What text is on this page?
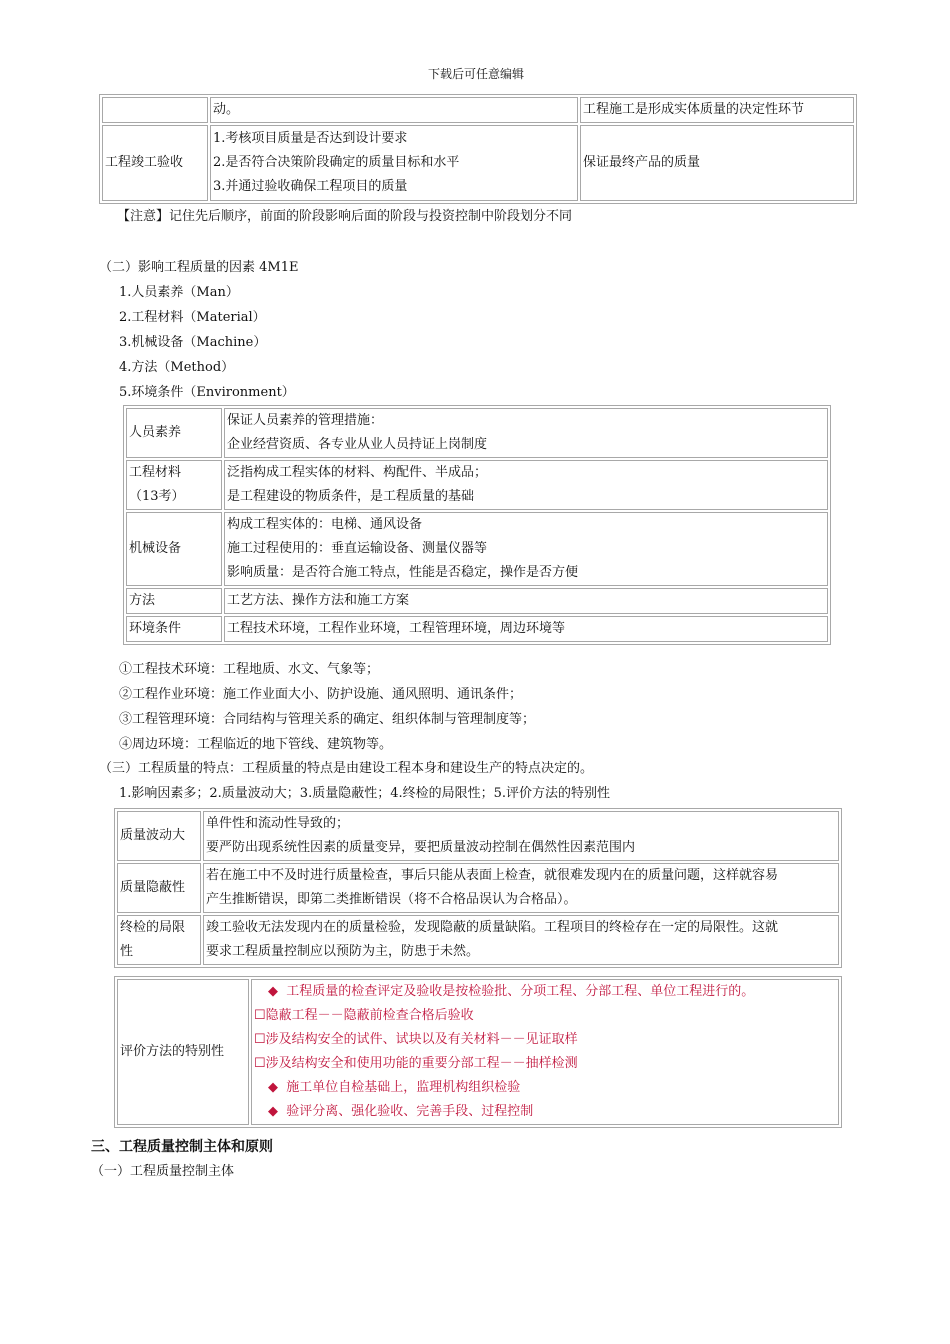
下载后可任意编辑
	动。	工程施工是形成实体质量的决定性环节
工程竣工验收	1.考核项目质量是否达到设计要求
2.是否符合决策阶段确定的质量目标和水平
3.并通过验收确保工程项目的质量	保证最终产品的质量
【注意】记住先后顺序，前面的阶段影响后面的阶段与投资控制中阶段划分不同
（二）影响工程质量的因素 4M1E
1.人员素养（Man）
2.工程材料（Material）
3.机械设备（Machine）
4.方法（Method）
5.环境条件（Environment）
人员素养	保证人员素养的管理措施：
企业经营资质、各专业从业人员持证上岗制度

工程材料
（13考）	泛指构成工程实体的材料、构配件、半成品；
是工程建设的物质条件，是工程质量的基础

机械设备	构成工程实体的：电梯、通风设备
施工过程使用的：垂直运输设备、测量仪器等
影响质量：是否符合施工特点，性能是否稳定，操作是否方便

方法	工艺方法、操作方法和施工方案
环境条件	工程技术环境，工程作业环境，工程管理环境，周边环境等
①工程技术环境：工程地质、水文、气象等；
②工程作业环境：施工作业面大小、防护设施、通风照明、通讯条件；
③工程管理环境：合同结构与管理关系的确定、组织体制与管理制度等；
④周边环境：工程临近的地下管线、建筑物等。
（三）工程质量的特点：工程质量的特点是由建设工程本身和建设生产的特点决定的。
1.影响因素多；2.质量波动大；3.质量隐蔽性；4.终检的局限性；5.评价方法的特别性
质量波动大	单件性和流动性导致的；
要严防出现系统性因素的质量变异，要把质量波动控制在偶然性因素范围内

质量隐蔽性	若在施工中不及时进行质量检查，事后只能从表面上检查，就很难发现内在的质量问题，这样就容易
产生推断错误，即第二类推断错误（将不合格品误认为合格品）。

终检的局限
性	竣工验收无法发现内在的质量检验，发现隐蔽的质量缺陷。工程项目的终检存在一定的局限性。这就
要求工程质量控制应以预防为主，防患于未然。
评价方法的特别性	
◆ 工程质量的检查评定及验收是按检验批、分项工程、分部工程、单位工程进行的。
☐隐蔽工程－－隐蔽前检查合格后验收
☐涉及结构安全的试件、试块以及有关材料－－见证取样
☐涉及结构安全和使用功能的重要分部工程－－抽样检测
◆ 施工单位自检基础上，监理机构组织检验
◆ 验评分离、强化验收、完善手段、过程控制
三、工程质量控制主体和原则
（一）工程质量控制主体
